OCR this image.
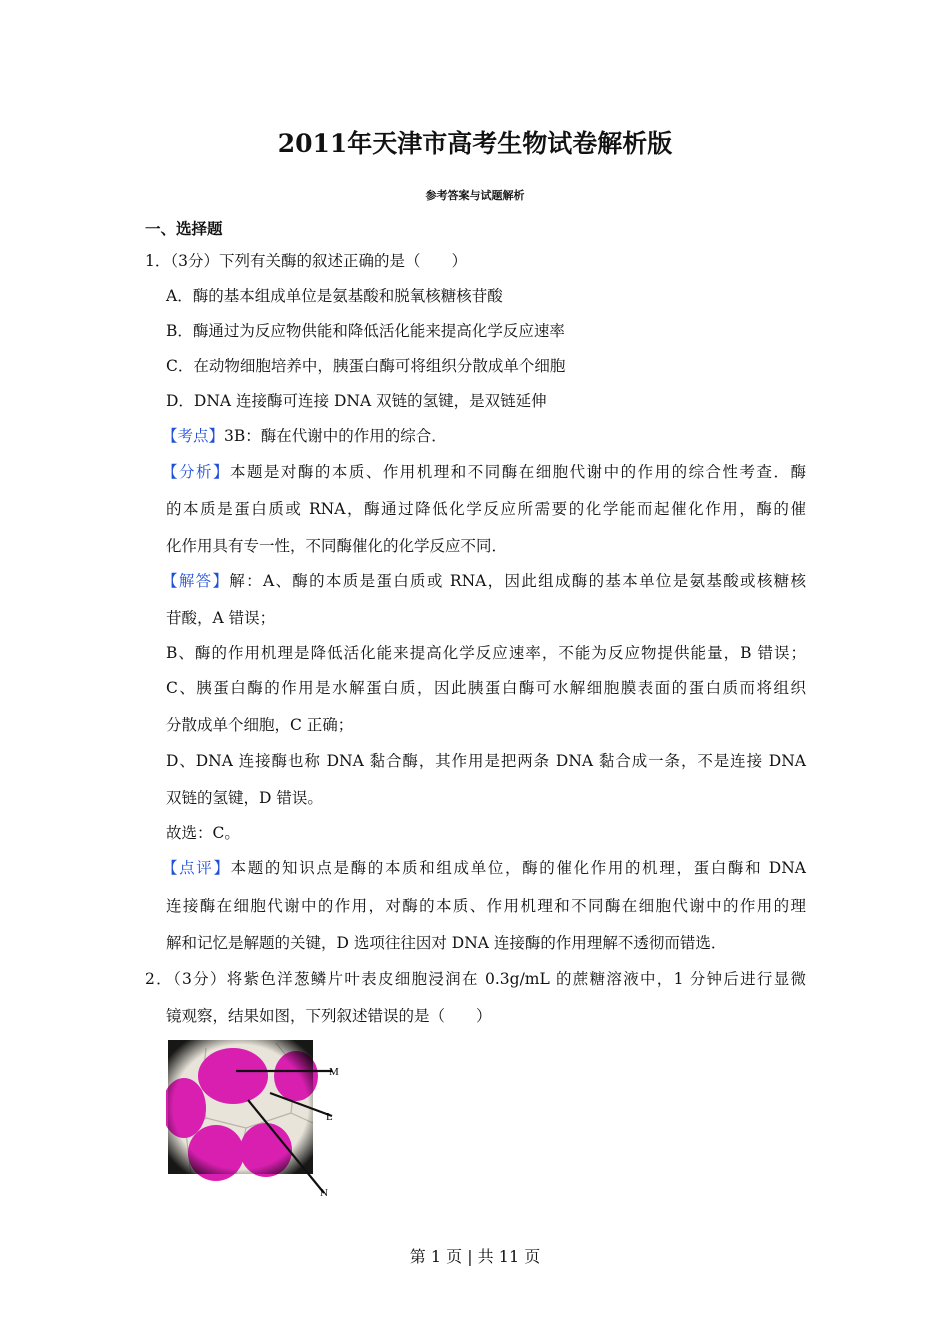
2011年天津市高考生物试卷解析版
参考答案与试题解析
一、选择题
1．（3分）下列有关酶的叙述正确的是（　　）
A．酶的基本组成单位是氨基酸和脱氧核糖核苷酸
B．酶通过为反应物供能和降低活化能来提高化学反应速率
C．在动物细胞培养中，胰蛋白酶可将组织分散成单个细胞
D．DNA 连接酶可连接 DNA 双链的氢键，是双链延伸
【考点】3B：酶在代谢中的作用的综合．
【分析】本题是对酶的本质、作用机理和不同酶在细胞代谢中的作用的综合性考查．酶
的本质是蛋白质或 RNA，酶通过降低化学反应所需要的化学能而起催化作用，酶的催
化作用具有专一性，不同酶催化的化学反应不同．
【解答】解：A、酶的本质是蛋白质或 RNA，因此组成酶的基本单位是氨基酸或核糖核
苷酸，A 错误；
B、酶的作用机理是降低活化能来提高化学反应速率，不能为反应物提供能量，B 错误；
C、胰蛋白酶的作用是水解蛋白质，因此胰蛋白酶可水解细胞膜表面的蛋白质而将组织
分散成单个细胞，C 正确；
D、DNA 连接酶也称 DNA 黏合酶，其作用是把两条 DNA 黏合成一条，不是连接 DNA
双链的氢键，D 错误。
故选：C。
【点评】本题的知识点是酶的本质和组成单位，酶的催化作用的机理，蛋白酶和 DNA
连接酶在细胞代谢中的作用，对酶的本质、作用机理和不同酶在细胞代谢中的作用的理
解和记忆是解题的关键，D 选项往往因对 DNA 连接酶的作用理解不透彻而错选．
2．（3分）将紫色洋葱鳞片叶表皮细胞浸润在 0.3g/mL 的蔗糖溶液中，1 分钟后进行显微
镜观察，结果如图，下列叙述错误的是（　　）
M
L
N
第 1 页 | 共 11 页
